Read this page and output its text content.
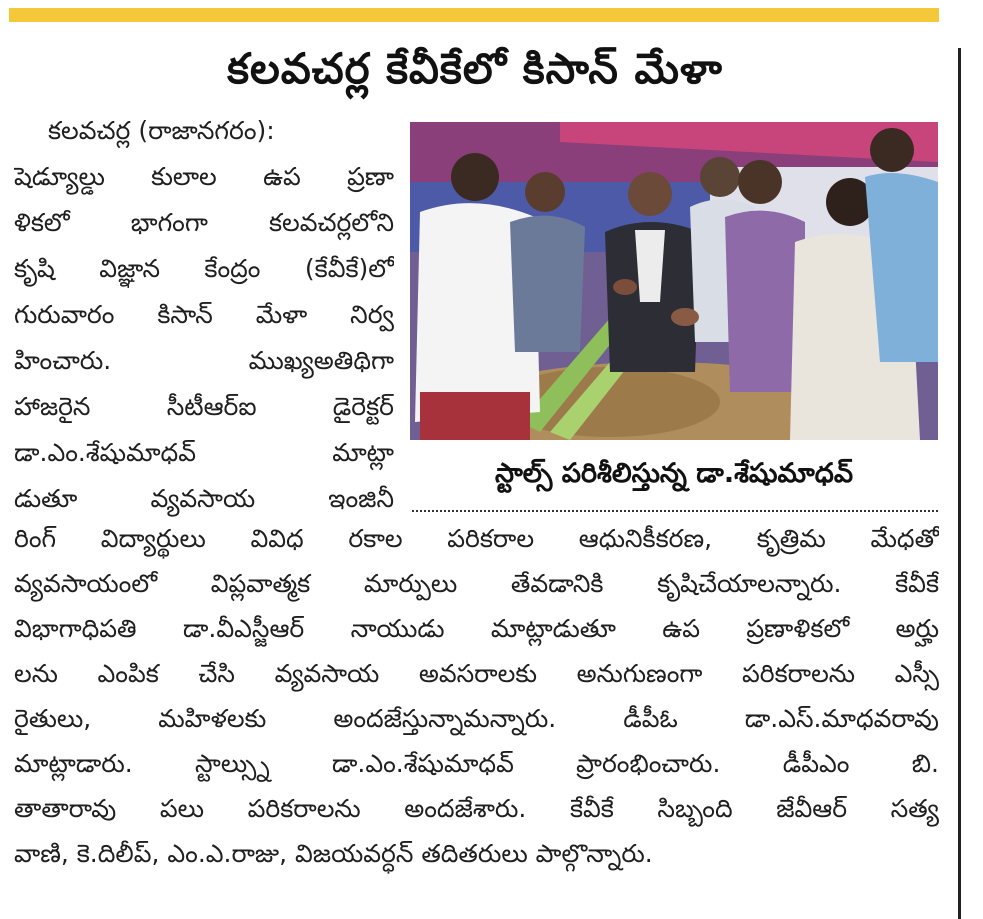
కలవచర్ల కేవీకేలో కిసాన్ మేళా
కలవచర్ల (రాజానగరం):
షెడ్యూల్డు కులాల ఉప ప్రణా
ళికలో భాగంగా కలవచర్లలోని
కృషి విజ్ఞాన కేంద్రం (కేవీకే)లో
గురువారం కిసాన్ మేళా నిర్వ
హించారు. ముఖ్యఅతిథిగా
హాజరైన సీటీఆర్ఐ డైరెక్టర్
డా.ఎం.శేషుమాధవ్ మాట్లా
డుతూ వ్యవసాయ ఇంజినీ
స్టాల్స్ పరిశీలిస్తున్న డా.శేషుమాధవ్
రింగ్ విద్యార్థులు వివిధ రకాల పరికరాల ఆధునికీకరణ, కృత్రిమ మేధతో
వ్యవసాయంలో విప్లవాత్మక మార్పులు తేవడానికి కృషిచేయాలన్నారు. కేవీకే
విభాగాధిపతి డా.వీఎస్జీఆర్ నాయుడు మాట్లాడుతూ ఉప ప్రణాళికలో అర్హు
లను ఎంపిక చేసి వ్యవసాయ అవసరాలకు అనుగుణంగా పరికరాలను ఎస్సీ
రైతులు, మహిళలకు అందజేస్తున్నామన్నారు. డీపీఓ డా.ఎస్.మాధవరావు
మాట్లాడారు. స్టాల్స్ను డా.ఎం.శేషుమాధవ్ ప్రారంభించారు. డీపీఎం బి.
తాతారావు పలు పరికరాలను అందజేశారు. కేవీకే సిబ్బంది జేవీఆర్ సత్య
వాణి, కె.దిలీప్, ఎం.ఎ.రాజు, విజయవర్ధన్ తదితరులు పాల్గొన్నారు.
